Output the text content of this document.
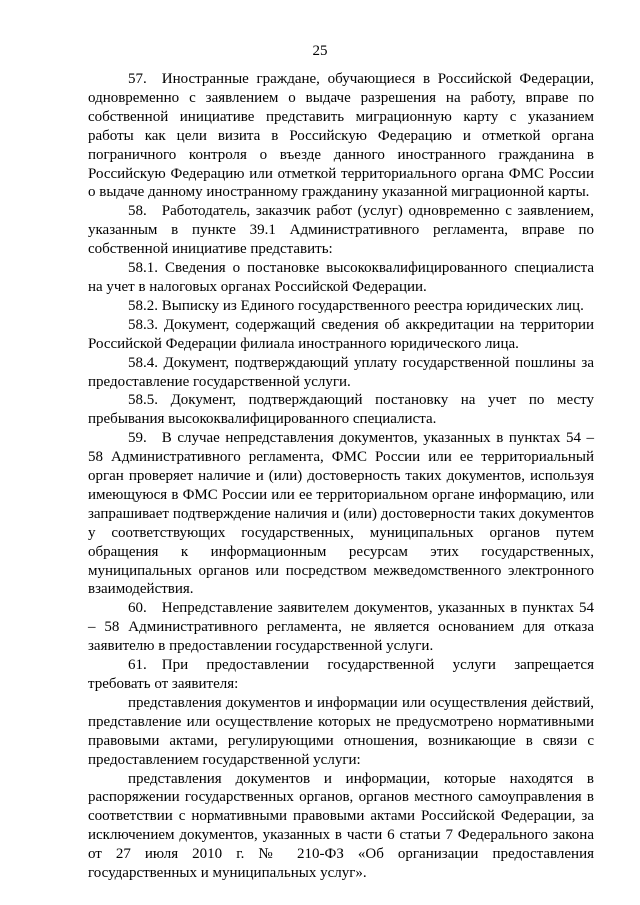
25

57. Иностранные граждане, обучающиеся в Российской Федерации, одновременно с заявлением о выдаче разрешения на работу, вправе по собственной инициативе представить миграционную карту с указанием работы как цели визита в Российскую Федерацию и отметкой органа пограничного контроля о въезде данного иностранного гражданина в Российскую Федерацию или отметкой территориального органа ФМС России о выдаче данному иностранному гражданину указанной миграционной карты.

58. Работодатель, заказчик работ (услуг) одновременно с заявлением, указанным в пункте 39.1 Административного регламента, вправе по собственной инициативе представить:

58.1. Сведения о постановке высококвалифицированного специалиста на учет в налоговых органах Российской Федерации.

58.2. Выписку из Единого государственного реестра юридических лиц.

58.3. Документ, содержащий сведения об аккредитации на территории Российской Федерации филиала иностранного юридического лица.

58.4. Документ, подтверждающий уплату государственной пошлины за предоставление государственной услуги.

58.5. Документ, подтверждающий постановку на учет по месту пребывания высококвалифицированного специалиста.

59. В случае непредставления документов, указанных в пунктах 54 – 58 Административного регламента, ФМС России или ее территориальный орган проверяет наличие и (или) достоверность таких документов, используя имеющуюся в ФМС России или ее территориальном органе информацию, или запрашивает подтверждение наличия и (или) достоверности таких документов у соответствующих государственных, муниципальных органов путем обращения к информационным ресурсам этих государственных, муниципальных органов или посредством межведомственного электронного взаимодействия.

60. Непредставление заявителем документов, указанных в пунктах 54 – 58 Административного регламента, не является основанием для отказа заявителю в предоставлении государственной услуги.

61. При предоставлении государственной услуги запрещается требовать от заявителя:

представления документов и информации или осуществления действий, представление или осуществление которых не предусмотрено нормативными правовыми актами, регулирующими отношения, возникающие в связи с предоставлением государственной услуги:

представления документов и информации, которые находятся в распоряжении государственных органов, органов местного самоуправления в соответствии с нормативными правовыми актами Российской Федерации, за исключением документов, указанных в части 6 статьи 7 Федерального закона от 27 июля 2010 г. № 210-ФЗ «Об организации предоставления государственных и муниципальных услуг».
